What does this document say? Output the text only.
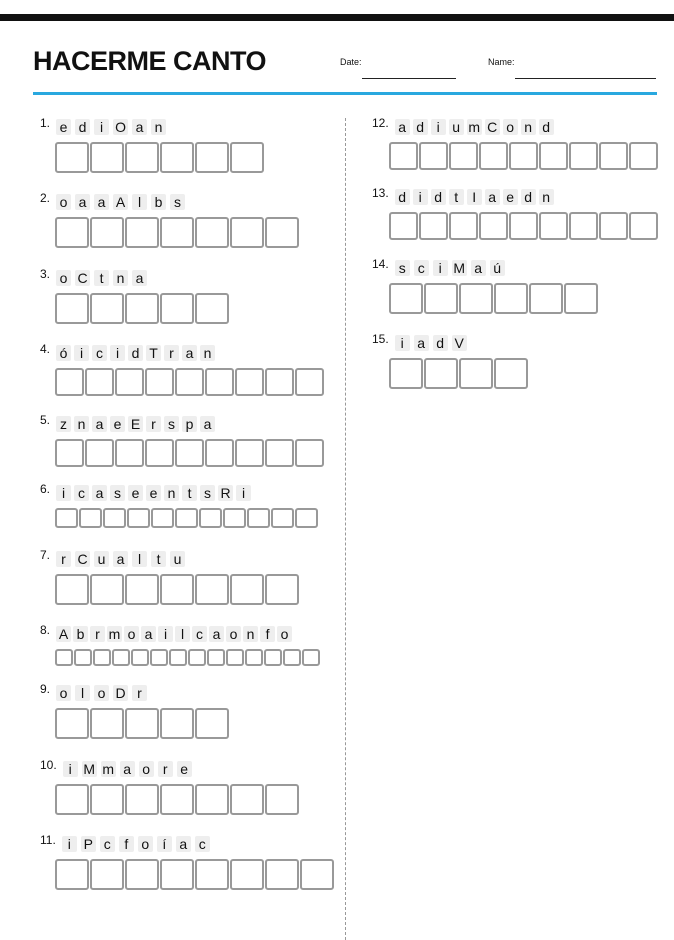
HACERME CANTO	Date:	Name:
1. e d i O a n
2. o a a A l b s
3. o C t n a
4. ó i c i d T r a n
5. z n a e E r s p a
6. i c a s e e n t s R i
7. r C u a l	t u
8. A b r m o a i l c a o n f o
9. o l o D r
10. i M m a o r e
11. i P c f o í a c
12. a d i u m C o n d
13. d i d t	I a e d n
14. s c i M a ú
15. i a d V
